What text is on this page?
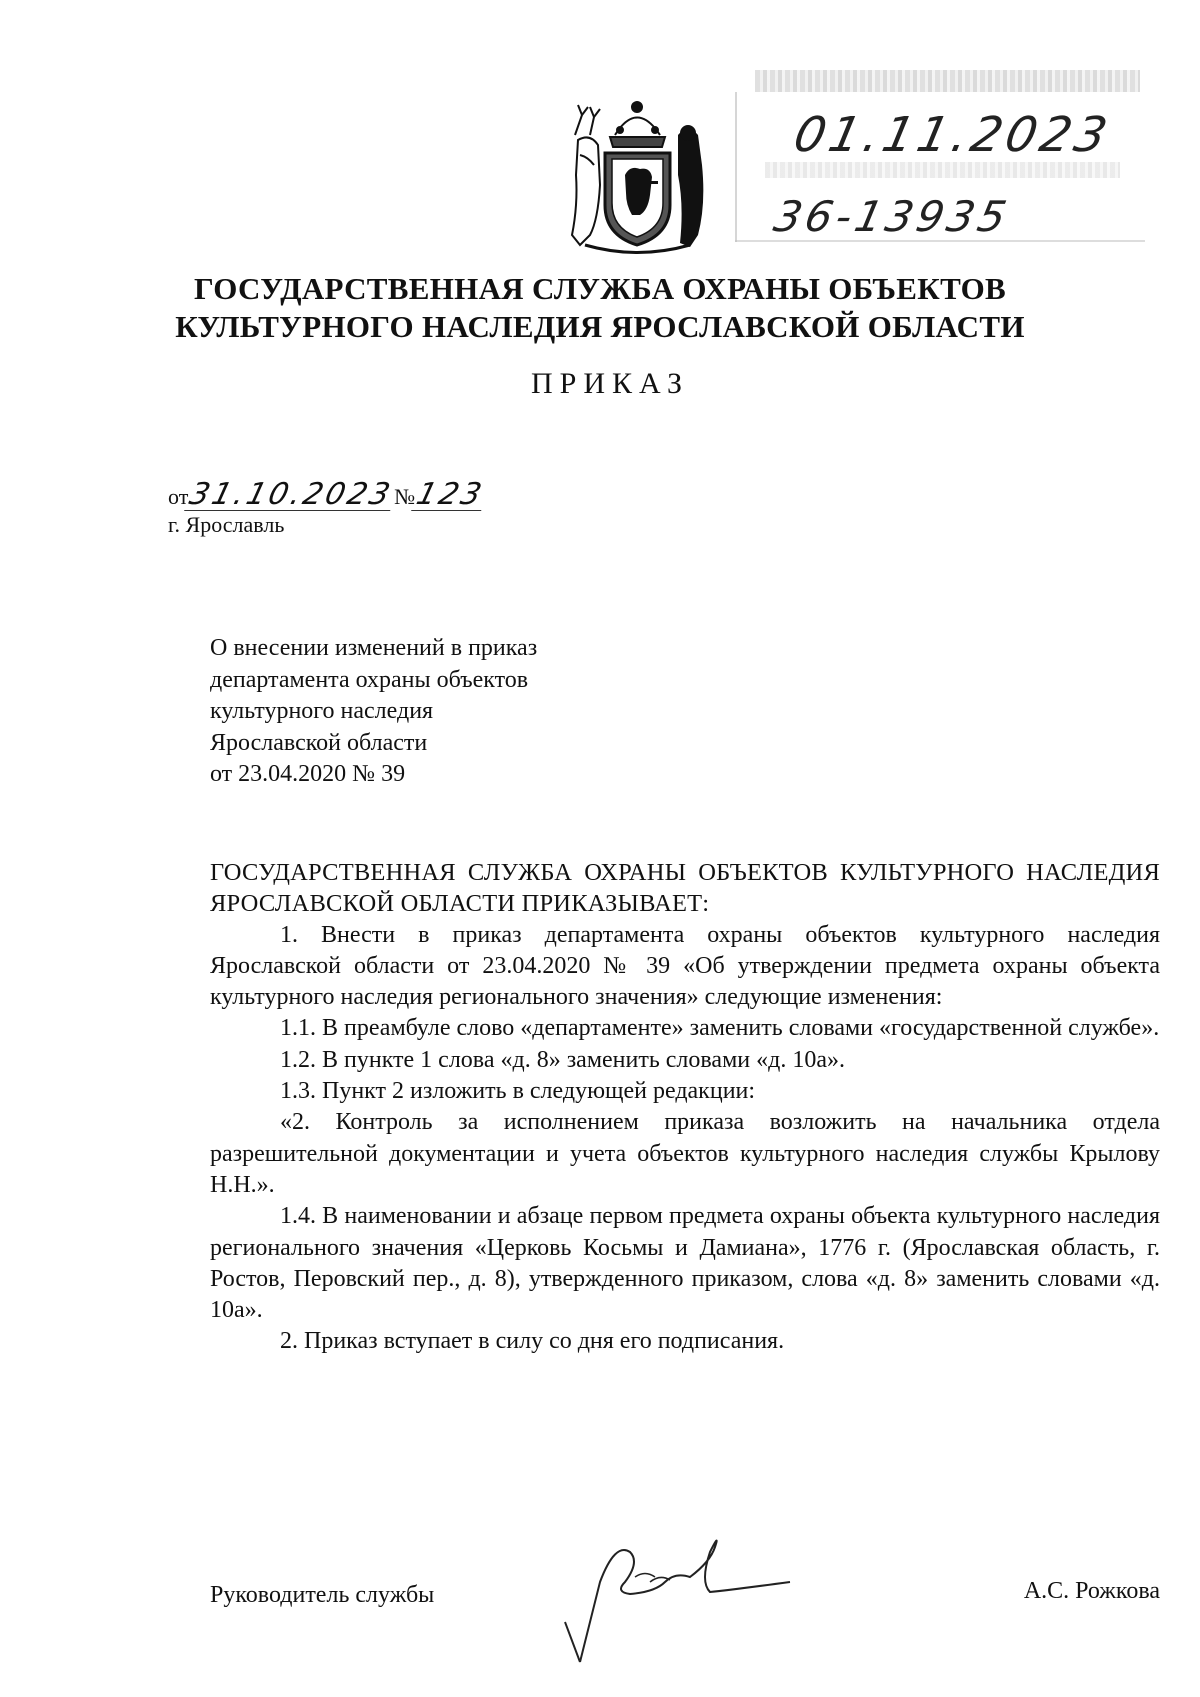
01.11.2023
36-13935
ГОСУДАРСТВЕННАЯ СЛУЖБА ОХРАНЫ ОБЪЕКТОВ
КУЛЬТУРНОГО НАСЛЕДИЯ ЯРОСЛАВСКОЙ ОБЛАСТИ
ПРИКАЗ
от
31.10.2023
№
123
г. Ярославль
О внесении изменений в приказ
департамента охраны объектов
культурного наследия
Ярославской области
от 23.04.2020 № 39

ГОСУДАРСТВЕННАЯ СЛУЖБА ОХРАНЫ ОБЪЕКТОВ КУЛЬТУРНОГО НАСЛЕДИЯ ЯРОСЛАВСКОЙ ОБЛАСТИ ПРИКАЗЫВАЕТ:

1. Внести в приказ департамента охраны объектов культурного наследия Ярославской области от 23.04.2020 № 39 «Об утверждении предмета охраны объекта культурного наследия регионального значения» следующие изменения:

1.1. В преамбуле слово «департаменте» заменить словами «государственной службе».

1.2. В пункте 1 слова «д. 8» заменить словами «д. 10а».

1.3. Пункт 2 изложить в следующей редакции:

«2. Контроль за исполнением приказа возложить на начальника отдела разрешительной документации и учета объектов культурного наследия службы Крылову Н.Н.».

1.4. В наименовании и абзаце первом предмета охраны объекта культурного наследия регионального значения «Церковь Косьмы и Дамиана», 1776 г. (Ярославская область, г. Ростов, Перовский пер., д. 8), утвержденного приказом, слова «д. 8» заменить словами «д. 10а».

2. Приказ вступает в силу со дня его подписания.

Руководитель службы	А.С. Рожкова
